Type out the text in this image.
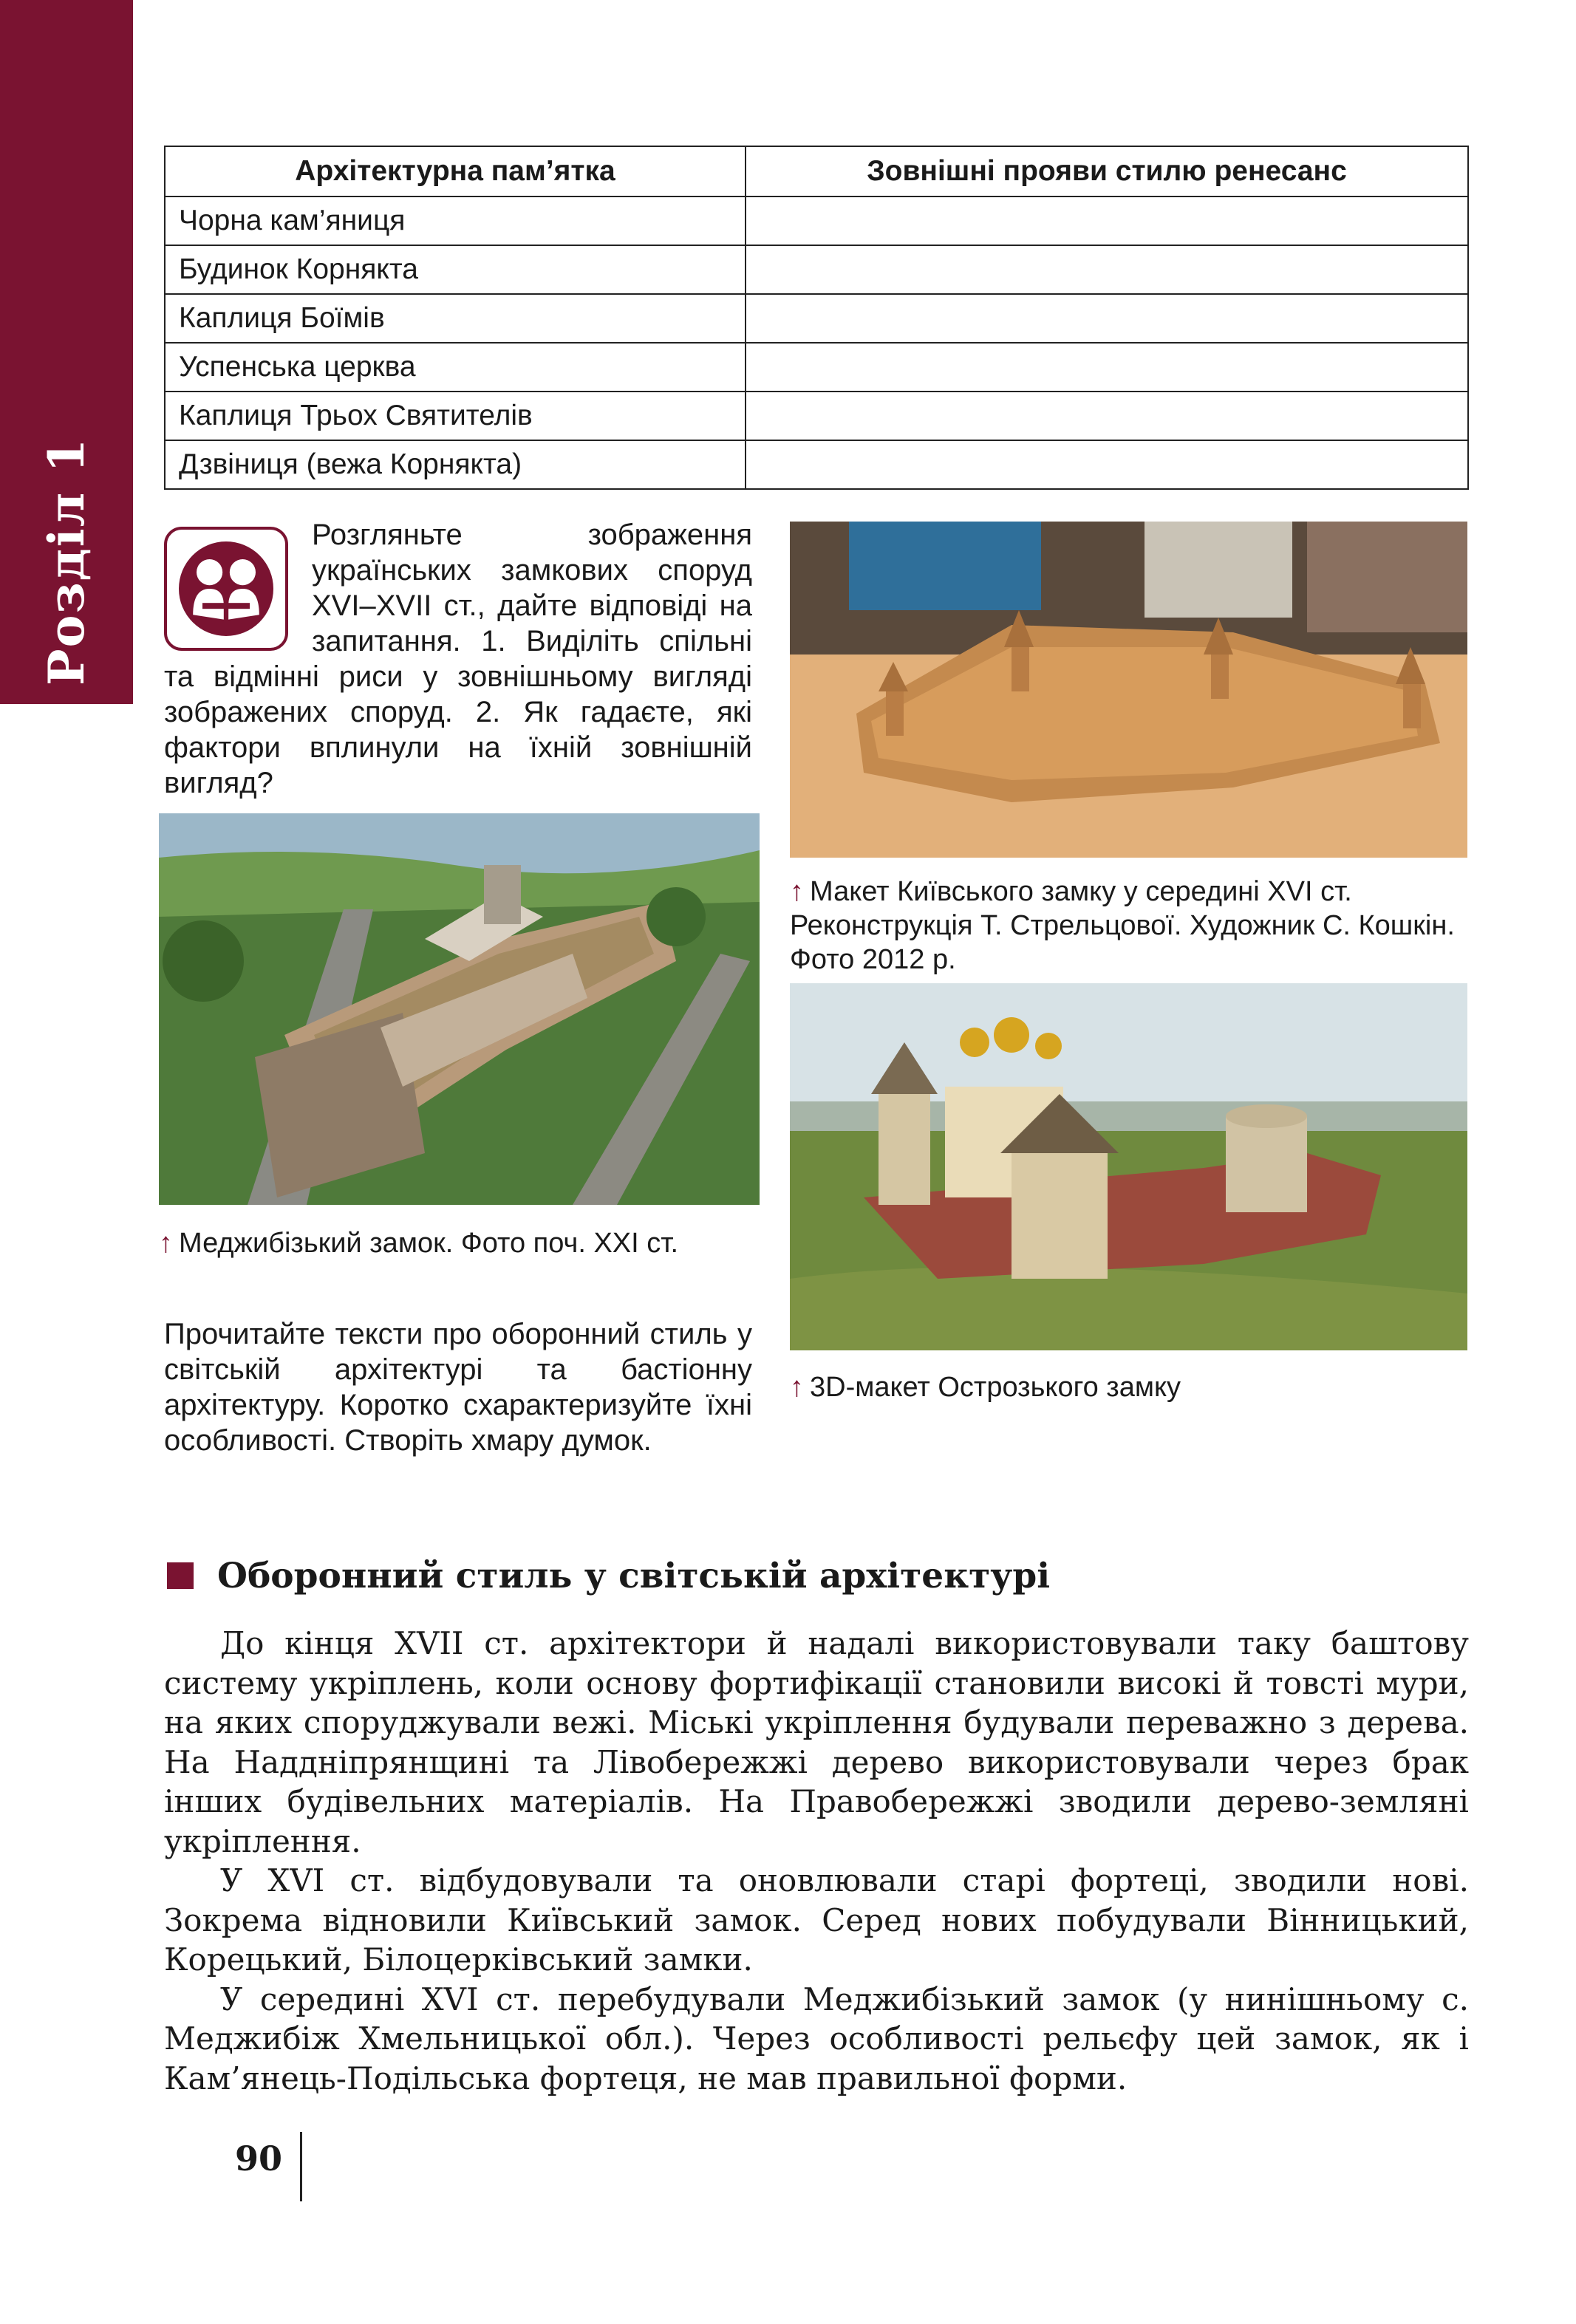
Розділ 1
Архітектурна пам’ятка	Зовнішні прояви стилю ренесанс
Чорна кам’яниця	
Будинок Корнякта	
Каплиця Боїмів	
Успенська церква	
Каплиця Трьох Святителів	
Дзвіниця (вежа Корнякта)	
Розгляньте зображення українських замкових споруд XVI–XVII ст., дайте відповіді на запитання. 1. Виділіть спільні та відмінні риси у зовнішньому вигляді зображених споруд. 2. Як гадаєте, які фактори вплинули на їхній зовнішній вигляд?
↑ Меджибізький замок. Фото поч. XXI ст.
↑ Макет Київського замку у середині XVI ст. Реконструкція Т. Стрельцової. Художник С. Кошкін. Фото 2012 р.
↑ 3D-макет Острозького замку
Прочитайте тексти про оборонний стиль у світській архітектурі та бастіонну архітектуру. Коротко схарактеризуйте їхні особливості. Створіть хмару думок.
Оборонний стиль у світській архітектурі

До кінця XVII ст. архітектори й надалі використовували таку баштову систему укріплень, коли основу фортифікації становили високі й товсті мури, на яких споруджували вежі. Міські укріплення будували переважно з дерева. На Наддніпрянщині та Лівобережжі дерево використовували через брак інших будівельних матеріалів. На Правобережжі зводили дерево-земляні укріплення.

У XVI ст. відбудовували та оновлювали старі фортеці, зводили нові. Зокрема відновили Київський замок. Серед нових побудували Вінницький, Корецький, Білоцерківський замки.

У середині XVI ст. перебудували Меджибізький замок (у нинішньому с. Меджибіж Хмельницької обл.). Через особливості рельєфу цей замок, як і Кам’янець-Подільська фортеця, не мав правильної форми.

90
